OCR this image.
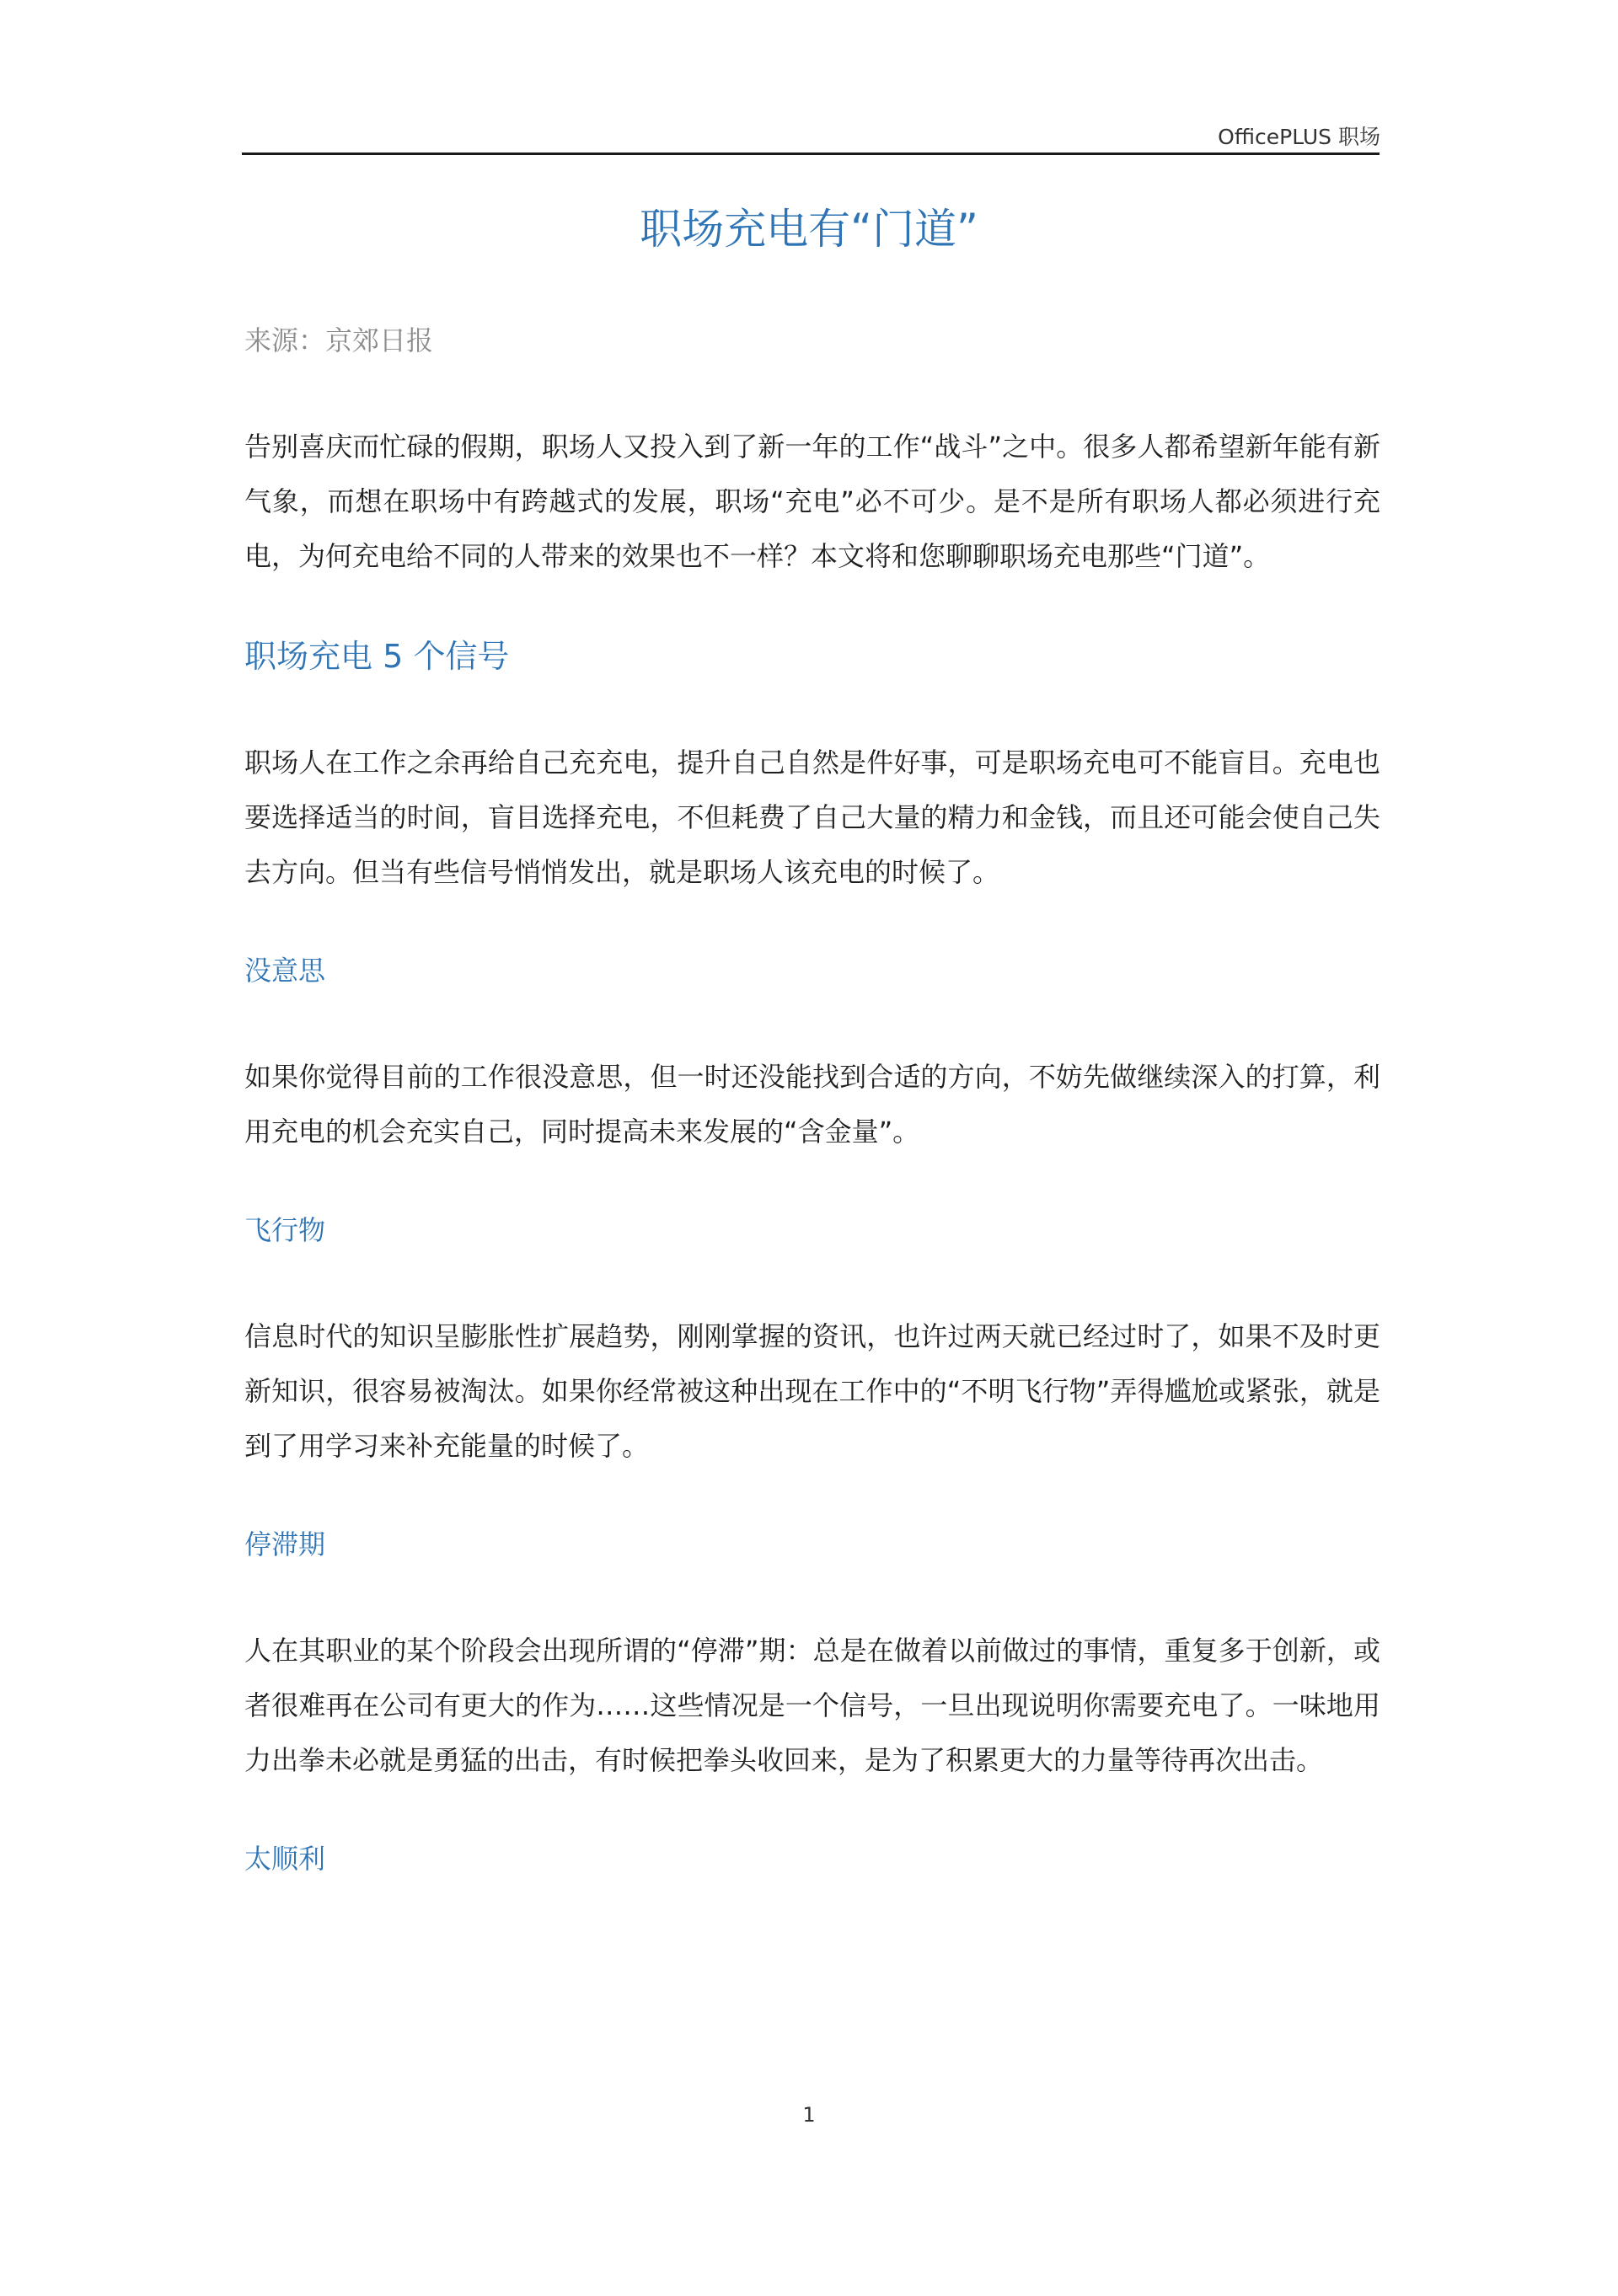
OfficePLUS 职场
职场充电有“门道”

来源：京郊日报

告别喜庆而忙碌的假期，职场人又投入到了新一年的工作“战斗”之中。很多人都希望新年能有新气象，而想在职场中有跨越式的发展，职场“充电”必不可少。是不是所有职场人都必须进行充电，为何充电给不同的人带来的效果也不一样？本文将和您聊聊职场充电那些“门道”。

职场充电 5 个信号

职场人在工作之余再给自己充充电，提升自己自然是件好事，可是职场充电可不能盲目。充电也要选择适当的时间，盲目选择充电，不但耗费了自己大量的精力和金钱，而且还可能会使自己失去方向。但当有些信号悄悄发出，就是职场人该充电的时候了。

没意思

如果你觉得目前的工作很没意思，但一时还没能找到合适的方向，不妨先做继续深入的打算，利用充电的机会充实自己，同时提高未来发展的“含金量”。

飞行物

信息时代的知识呈膨胀性扩展趋势，刚刚掌握的资讯，也许过两天就已经过时了，如果不及时更新知识，很容易被淘汰。如果你经常被这种出现在工作中的“不明飞行物”弄得尴尬或紧张，就是到了用学习来补充能量的时候了。

停滞期

人在其职业的某个阶段会出现所谓的“停滞”期：总是在做着以前做过的事情，重复多于创新，或者很难再在公司有更大的作为……这些情况是一个信号，一旦出现说明你需要充电了。一味地用力出拳未必就是勇猛的出击，有时候把拳头收回来，是为了积累更大的力量等待再次出击。

太顺利
1
